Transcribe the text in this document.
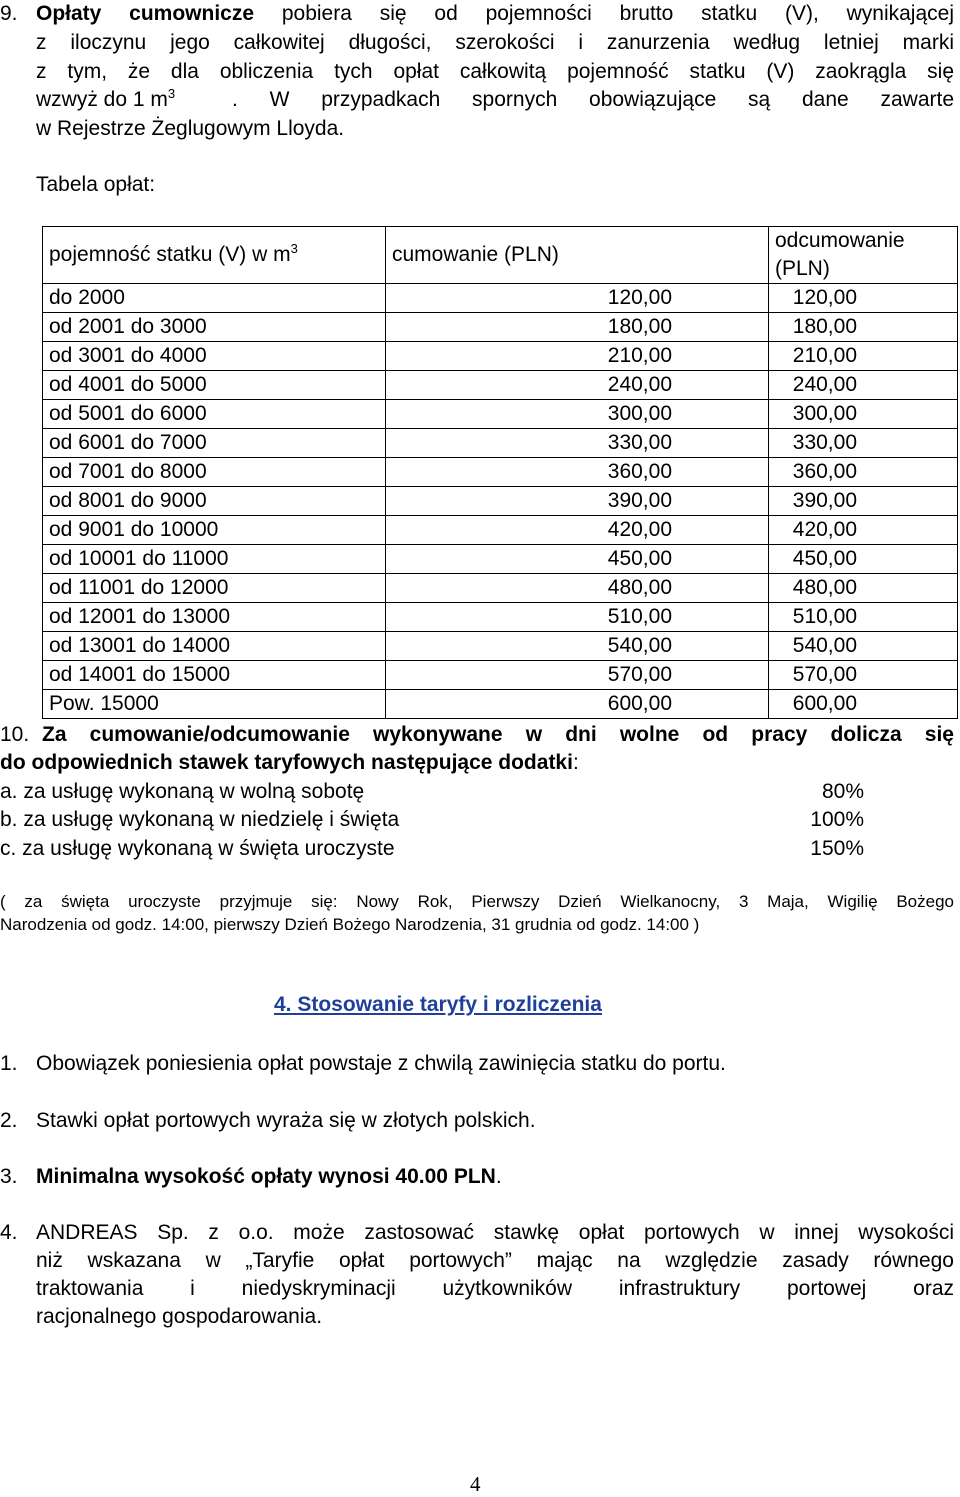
9. Opłaty cumownicze pobiera się od pojemności brutto statku (V), wynikającej
z iloczynu jego całkowitej długości, szerokości i zanurzenia według letniej marki
z tym, że dla obliczenia tych opłat całkowitą pojemność statku (V) zaokrągla się
wzwyż do 1 $m^3$	. W przypadkach spornych obowiązujące są dane zawarte
w Rejestrze Żeglugowym Lloyda.
Tabela opłat:
pojemność statku (V) w $m^3$	cumowanie (PLN)	odcumowanie (PLN)
do 2000	120,00	120,00
od 2001 do 3000	180,00	180,00
od 3001 do 4000	210,00	210,00
od 4001 do 5000	240,00	240,00
od 5001 do 6000	300,00	300,00
od 6001 do 7000	330,00	330,00
od 7001 do 8000	360,00	360,00
od 8001 do 9000	390,00	390,00
od 9001 do 10000	420,00	420,00
od 10001 do 11000	450,00	450,00
od 11001 do 12000	480,00	480,00
od 12001 do 13000	510,00	510,00
od 13001 do 14000	540,00	540,00
od 14001 do 15000	570,00	570,00
Pow. 15000	600,00	600,00
10. Za cumowanie/odcumowanie wykonywane w dni wolne od pracy dolicza się
do odpowiednich stawek taryfowych następujące dodatki:
a. za usługę wykonaną w wolną sobotę	80%
b. za usługę wykonaną w niedzielę i święta	100%
c. za usługę wykonaną w święta uroczyste	150%
( za święta uroczyste przyjmuje się: Nowy Rok, Pierwszy Dzień Wielkanocny, 3 Maja, Wigilię Bożego
Narodzenia od godz. 14:00, pierwszy Dzień Bożego Narodzenia, 31 grudnia od godz. 14:00 )
4. Stosowanie taryfy i rozliczenia
1. Obowiązek poniesienia opłat powstaje z chwilą zawinięcia statku do portu.
2. Stawki opłat portowych wyraża się w złotych polskich.
3. Minimalna wysokość opłaty wynosi 40.00 PLN.
4. ANDREAS Sp. z o.o. może zastosować stawkę opłat portowych w innej wysokości
niż wskazana w „Taryfie opłat portowych” mając na względzie zasady równego
traktowania i niedyskryminacji użytkowników infrastruktury portowej oraz
racjonalnego gospodarowania.
4
